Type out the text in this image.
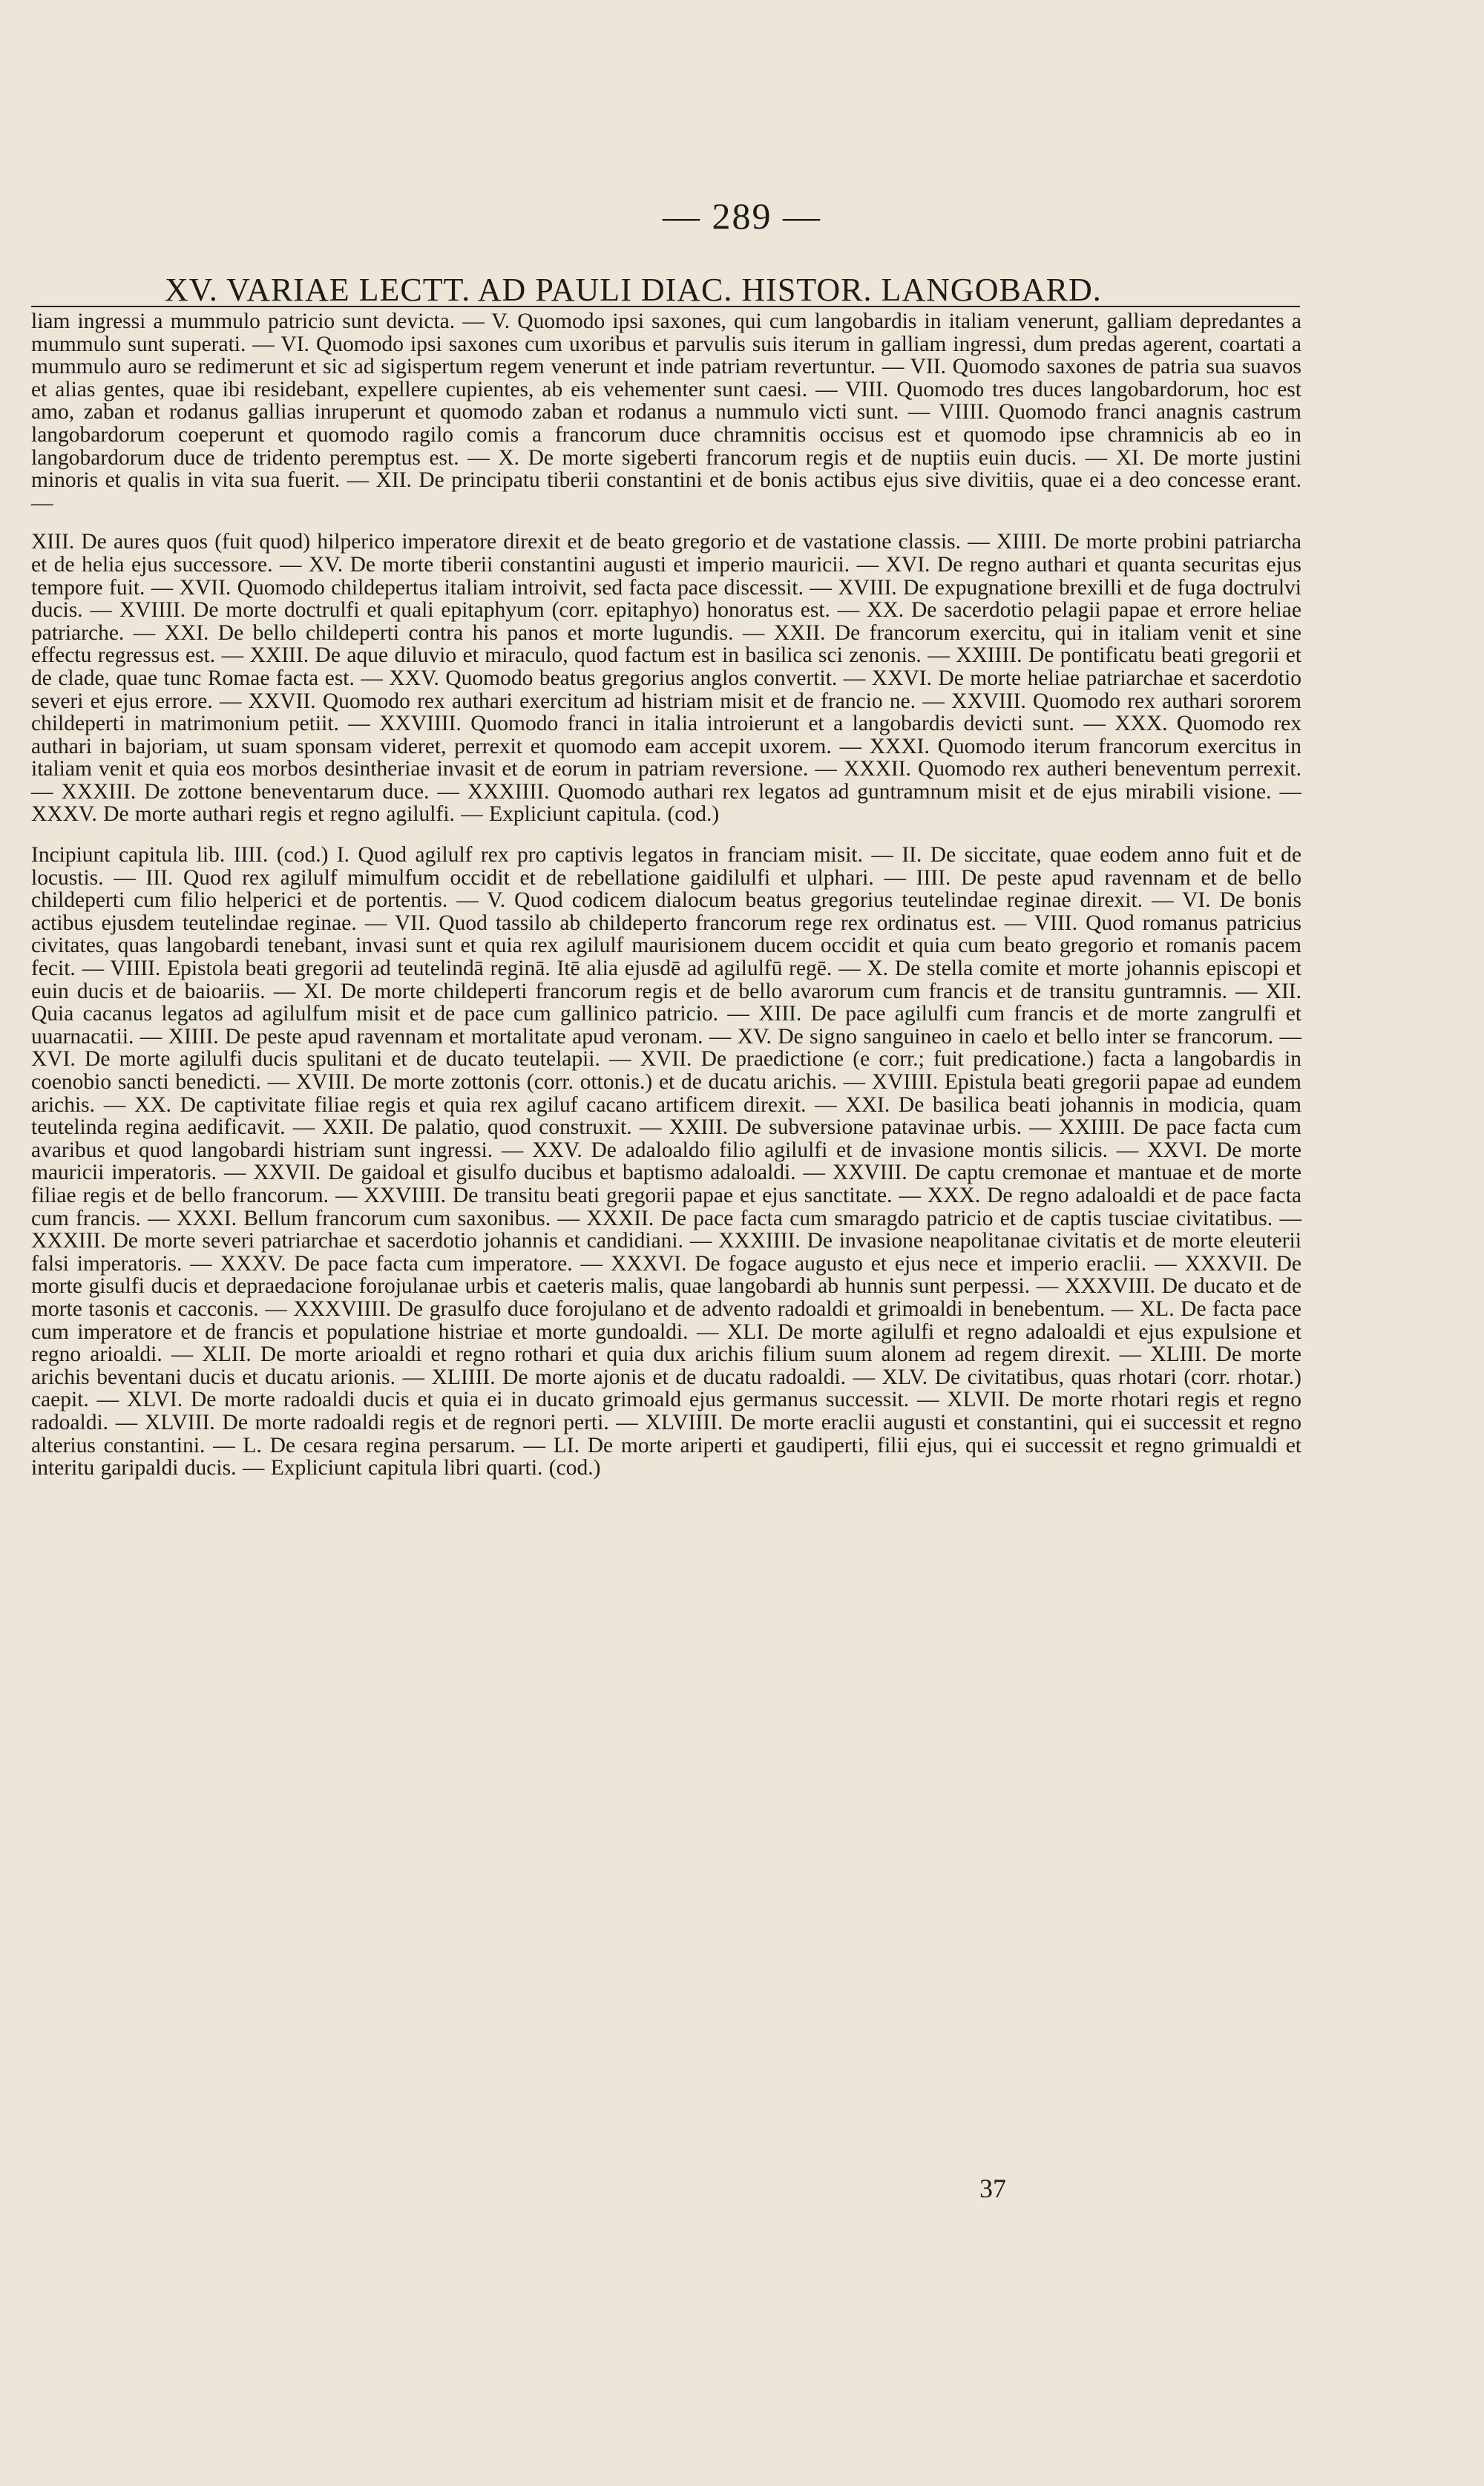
— 289 —
XV. VARIAE LECTT. AD PAULI DIAC. HISTOR. LANGOBARD.

liam ingressi a mummulo patricio sunt devicta. — V. Quomodo ipsi saxones, qui cum langobardis in italiam venerunt, galliam depredantes a mummulo sunt superati. — VI. Quomodo ipsi saxones cum uxoribus et parvulis suis iterum in galliam ingressi, dum predas agerent, coartati a mummulo auro se redimerunt et sic ad sigispertum regem venerunt et inde patriam revertuntur. — VII. Quomodo saxones de patria sua suavos et alias gentes, quae ibi residebant, expellere cupientes, ab eis vehementer sunt caesi. — VIII. Quomodo tres duces langobardorum, hoc est amo, zaban et rodanus gallias inruperunt et quomodo zaban et rodanus a nummulo victi sunt. — VIIII. Quomodo franci anagnis castrum langobardorum coeperunt et quomodo ragilo comis a francorum duce chramnitis occisus est et quomodo ipse chramnicis ab eo in langobardorum duce de tridento peremptus est. — X. De morte sigeberti francorum regis et de nuptiis euin ducis. — XI. De morte justini minoris et qualis in vita sua fuerit. — XII. De principatu tiberii constantini et de bonis actibus ejus sive divitiis, quae ei a deo concesse erant. —

XIII. De aures quos (fuit quod) hilperico imperatore direxit et de beato gregorio et de vastatione classis. — XIIII. De morte probini patriarcha et de helia ejus successore. — XV. De morte tiberii constantini augusti et imperio mauricii. — XVI. De regno authari et quanta securitas ejus tempore fuit. — XVII. Quomodo childepertus italiam introivit, sed facta pace discessit. — XVIII. De expugnatione brexilli et de fuga doctrulvi ducis. — XVIIII. De morte doctrulfi et quali epitaphyum (corr. epitaphyo) honoratus est. — XX. De sacerdotio pelagii papae et errore heliae patriarche. — XXI. De bello childeperti contra his panos et morte lugundis. — XXII. De francorum exercitu, qui in italiam venit et sine effectu regressus est. — XXIII. De aque diluvio et miraculo, quod factum est in basilica sci zenonis. — XXIIII. De pontificatu beati gregorii et de clade, quae tunc Romae facta est. — XXV. Quomodo beatus gregorius anglos convertit. — XXVI. De morte heliae patriarchae et sacerdotio severi et ejus errore. — XXVII. Quomodo rex authari exercitum ad histriam misit et de francio ne. — XXVIII. Quomodo rex authari sororem childeperti in matrimonium petiit. — XXVIIII. Quomodo franci in italia introierunt et a langobardis devicti sunt. — XXX. Quomodo rex authari in bajoriam, ut suam sponsam videret, perrexit et quomodo eam accepit uxorem. — XXXI. Quomodo iterum francorum exercitus in italiam venit et quia eos morbos desintheriae invasit et de eorum in patriam reversione. — XXXII. Quomodo rex autheri beneventum perrexit. — XXXIII. De zottone beneventarum duce. — XXXIIII. Quomodo authari rex legatos ad guntramnum misit et de ejus mirabili visione. — XXXV. De morte authari regis et regno agilulfi. — Expliciunt capitula. (cod.)

Incipiunt capitula lib. IIII. (cod.) I. Quod agilulf rex pro captivis legatos in franciam misit. — II. De siccitate, quae eodem anno fuit et de locustis. — III. Quod rex agilulf mimulfum occidit et de rebellatione gaidilulfi et ulphari. — IIII. De peste apud ravennam et de bello childeperti cum filio helperici et de portentis. — V. Quod codicem dialocum beatus gregorius teutelindae reginae direxit. — VI. De bonis actibus ejusdem teutelindae reginae. — VII. Quod tassilo ab childeperto francorum rege rex ordinatus est. — VIII. Quod romanus patricius civitates, quas langobardi tenebant, invasi sunt et quia rex agilulf maurisionem ducem occidit et quia cum beato gregorio et romanis pacem fecit. — VIIII. Epistola beati gregorii ad teutelindā reginā. Itē alia ejusdē ad agilulfū regē. — X. De stella comite et morte johannis episcopi et euin ducis et de baioariis. — XI. De morte childeperti francorum regis et de bello avarorum cum francis et de transitu guntramnis. — XII. Quia cacanus legatos ad agilulfum misit et de pace cum gallinico patricio. — XIII. De pace agilulfi cum francis et de morte zangrulfi et uuarnacatii. — XIIII. De peste apud ravennam et mortalitate apud veronam. — XV. De signo sanguineo in caelo et bello inter se francorum. — XVI. De morte agilulfi ducis spulitani et de ducato teutelapii. — XVII. De praedictione (e corr.; fuit predicatione.) facta a langobardis in coenobio sancti benedicti. — XVIII. De morte zottonis (corr. ottonis.) et de ducatu arichis. — XVIIII. Epistula beati gregorii papae ad eundem arichis. — XX. De captivitate filiae regis et quia rex agiluf cacano artificem direxit. — XXI. De basilica beati johannis in modicia, quam teutelinda regina aedificavit. — XXII. De palatio, quod construxit. — XXIII. De subversione patavinae urbis. — XXIIII. De pace facta cum avaribus et quod langobardi histriam sunt ingressi. — XXV. De adaloaldo filio agilulfi et de invasione montis silicis. — XXVI. De morte mauricii imperatoris. — XXVII. De gaidoal et gisulfo ducibus et baptismo adaloaldi. — XXVIII. De captu cremonae et mantuae et de morte filiae regis et de bello francorum. — XXVIIII. De transitu beati gregorii papae et ejus sanctitate. — XXX. De regno adaloaldi et de pace facta cum francis. — XXXI. Bellum francorum cum saxonibus. — XXXII. De pace facta cum smaragdo patricio et de captis tusciae civitatibus. — XXXIII. De morte severi patriarchae et sacerdotio johannis et candidiani. — XXXIIII. De invasione neapolitanae civitatis et de morte eleuterii falsi imperatoris. — XXXV. De pace facta cum imperatore. — XXXVI. De fogace augusto et ejus nece et imperio eraclii. — XXXVII. De morte gisulfi ducis et depraedacione forojulanae urbis et caeteris malis, quae langobardi ab hunnis sunt perpessi. — XXXVIII. De ducato et de morte tasonis et cacconis. — XXXVIIII. De grasulfo duce forojulano et de advento radoaldi et grimoaldi in benebentum. — XL. De facta pace cum imperatore et de francis et populatione histriae et morte gundoaldi. — XLI. De morte agilulfi et regno adaloaldi et ejus expulsione et regno arioaldi. — XLII. De morte arioaldi et regno rothari et quia dux arichis filium suum alonem ad regem direxit. — XLIII. De morte arichis beventani ducis et ducatu arionis. — XLIIII. De morte ajonis et de ducatu radoaldi. — XLV. De civitatibus, quas rhotari (corr. rhotar.) caepit. — XLVI. De morte radoaldi ducis et quia ei in ducato grimoald ejus germanus successit. — XLVII. De morte rhotari regis et regno radoaldi. — XLVIII. De morte radoaldi regis et de regnori perti. — XLVIIII. De morte eraclii augusti et constantini, qui ei successit et regno alterius constantini. — L. De cesara regina persarum. — LI. De morte ariperti et gaudiperti, filii ejus, qui ei successit et regno grimualdi et interitu garipaldi ducis. — Expliciunt capitula libri quarti. (cod.)

37
